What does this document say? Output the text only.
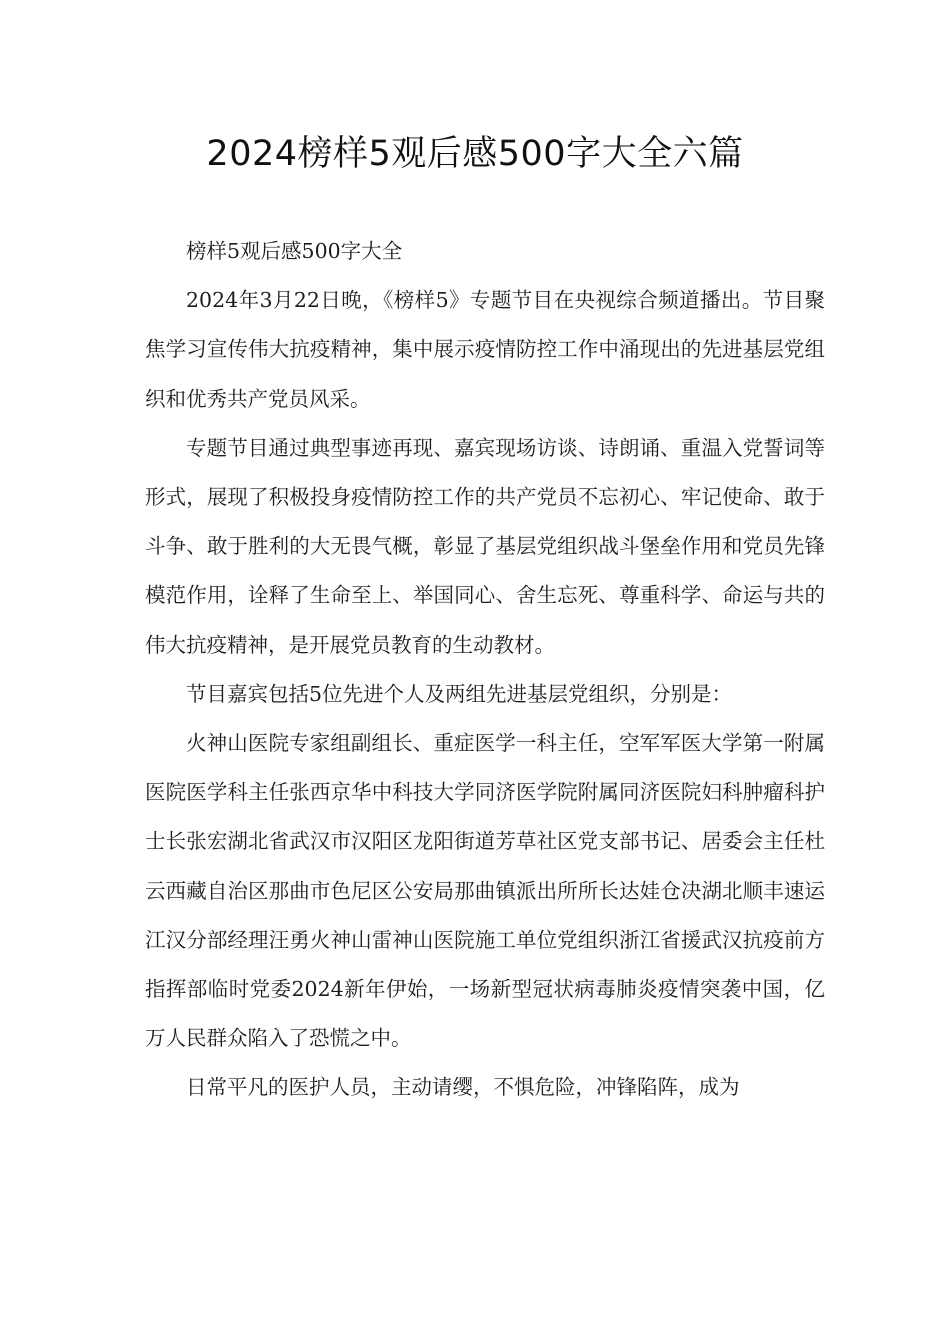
2024榜样5观后感500字大全六篇

榜样5观后感500字大全

2024年3月22日晚，《榜样5》专题节目在央视综合频道播出。节目聚焦学习宣传伟大抗疫精神，集中展示疫情防控工作中涌现出的先进基层党组织和优秀共产党员风采。

专题节目通过典型事迹再现、嘉宾现场访谈、诗朗诵、重温入党誓词等形式，展现了积极投身疫情防控工作的共产党员不忘初心、牢记使命、敢于斗争、敢于胜利的大无畏气概，彰显了基层党组织战斗堡垒作用和党员先锋模范作用，诠释了生命至上、举国同心、舍生忘死、尊重科学、命运与共的伟大抗疫精神，是开展党员教育的生动教材。

节目嘉宾包括5位先进个人及两组先进基层党组织，分别是：

火神山医院专家组副组长、重症医学一科主任，空军军医大学第一附属医院医学科主任张西京华中科技大学同济医学院附属同济医院妇科肿瘤科护士长张宏湖北省武汉市汉阳区龙阳街道芳草社区党支部书记、居委会主任杜云西藏自治区那曲市色尼区公安局那曲镇派出所所长达娃仓决湖北顺丰速运江汉分部经理汪勇火神山雷神山医院施工单位党组织浙江省援武汉抗疫前方指挥部临时党委2024新年伊始，一场新型冠状病毒肺炎疫情突袭中国，亿万人民群众陷入了恐慌之中。

日常平凡的医护人员，主动请缨，不惧危险，冲锋陷阵，成为
